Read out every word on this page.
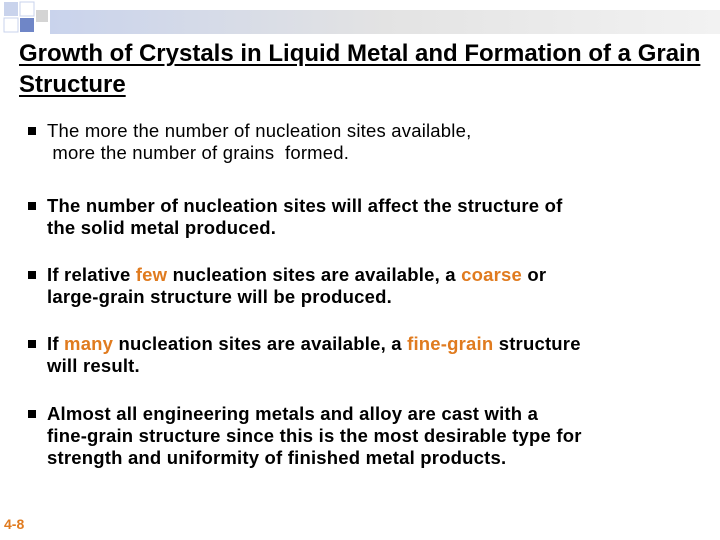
Growth of Crystals in Liquid Metal and Formation of a Grain Structure
The more the number of nucleation sites available,
more the number of grains  formed.
The number of nucleation sites will affect the structure of
the solid metal produced.
If relative few nucleation sites are available, a coarse or
large-grain structure will be produced.
If many nucleation sites are available, a fine-grain structure
will result.
Almost all engineering metals and alloy are cast with a
fine-grain structure since this is the most desirable type for
strength and uniformity of finished metal products.
4-8
